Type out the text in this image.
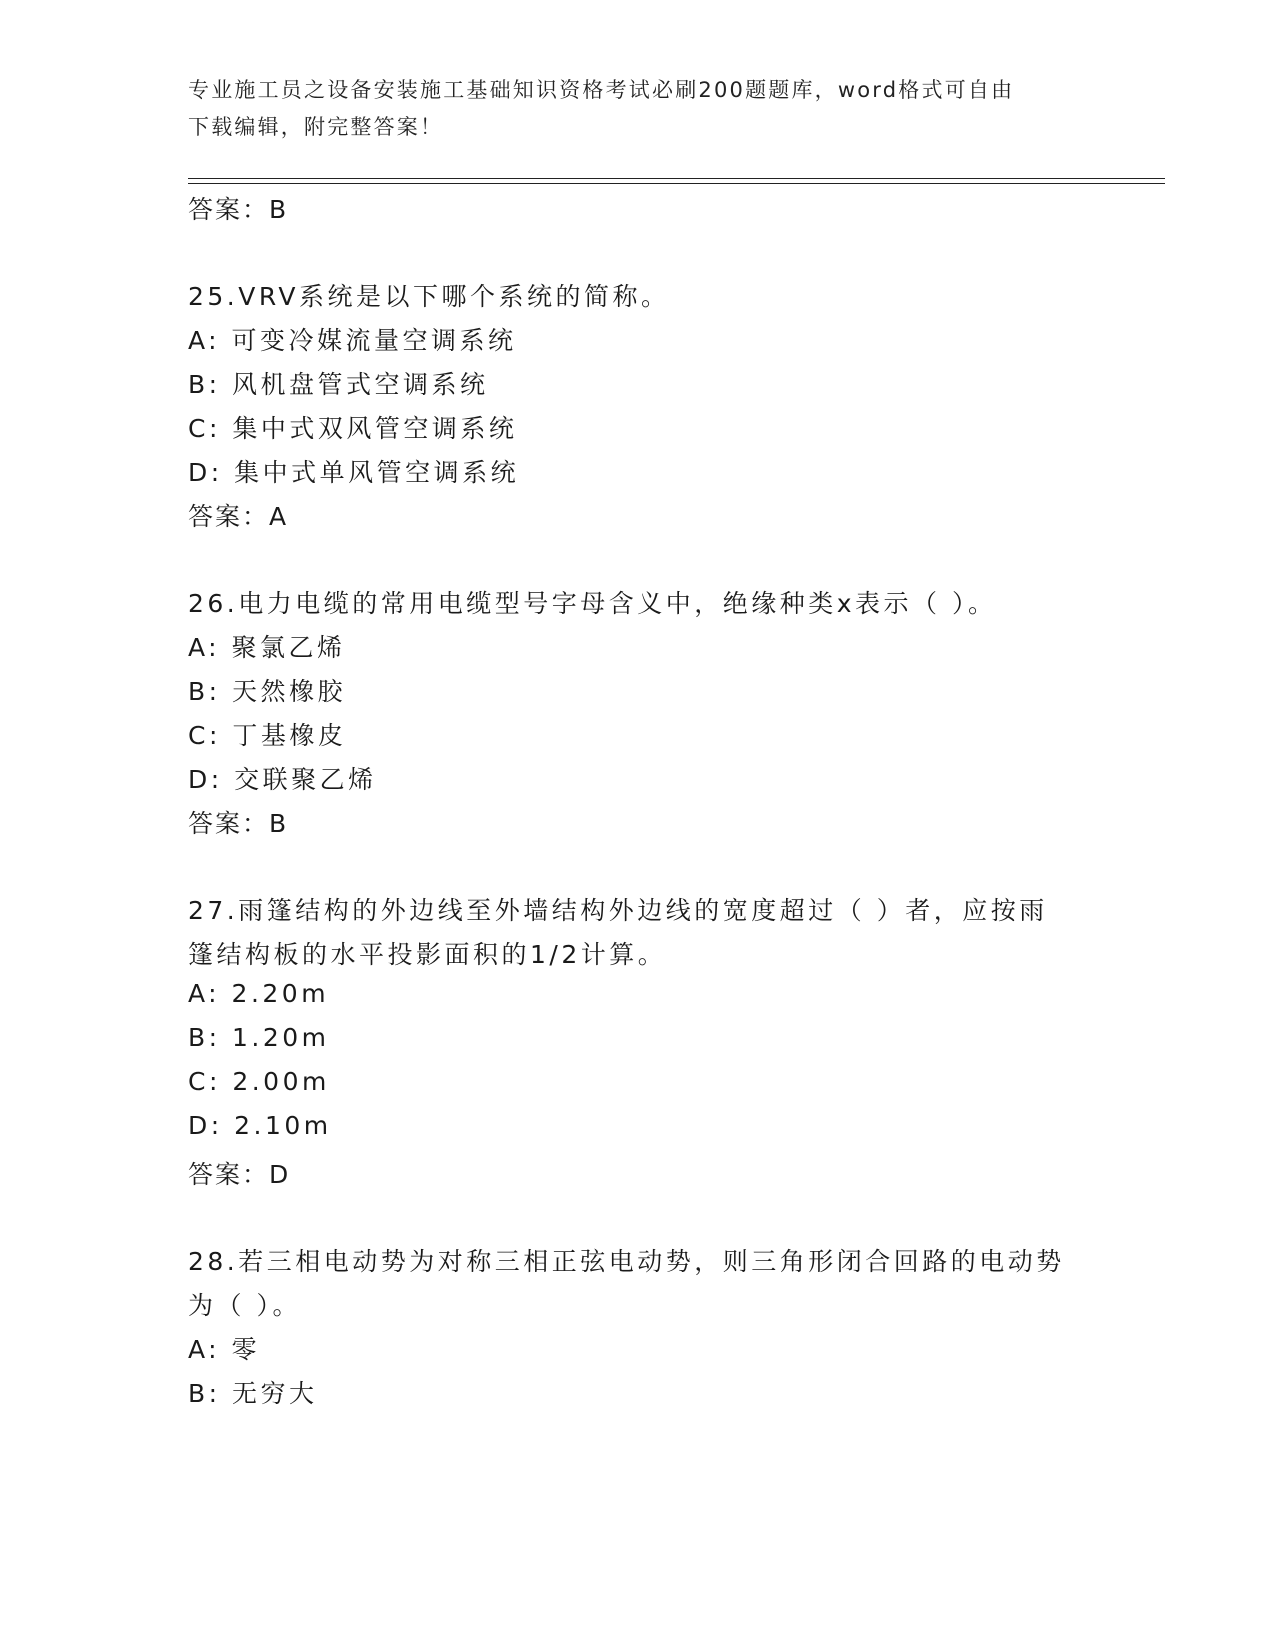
专业施工员之设备安装施工基础知识资格考试必刷200题题库，word格式可自由
下载编辑，附完整答案！
答案：B
25.VRV系统是以下哪个系统的简称。
A: 可变冷媒流量空调系统
B: 风机盘管式空调系统
C: 集中式双风管空调系统
D: 集中式单风管空调系统
答案：A
26.电力电缆的常用电缆型号字母含义中，绝缘种类x表示（ ）。
A: 聚氯乙烯
B: 天然橡胶
C: 丁基橡皮
D: 交联聚乙烯
答案：B
27.雨篷结构的外边线至外墙结构外边线的宽度超过（ ）者，应按雨
篷结构板的水平投影面积的1/2计算。
A: 2.20m
B: 1.20m
C: 2.00m
D: 2.10m
答案：D
28.若三相电动势为对称三相正弦电动势，则三角形闭合回路的电动势
为（ ）。
A: 零
B: 无穷大
